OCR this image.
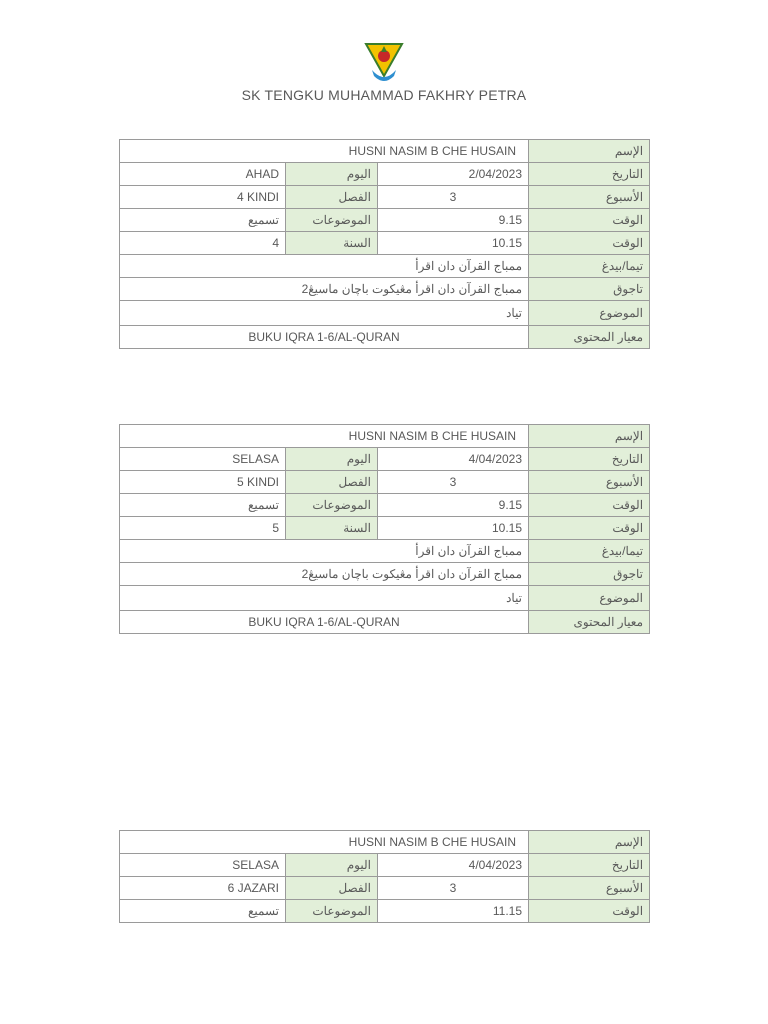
SK TENGKU MUHAMMAD FAKHRY PETRA
HUSNI NASIM B CHE HUSAIN			الإسم
AHAD	اليوم	2/04/2023	التاريخ
4 KINDI	الفصل	3	الأسبوع
تسميع	الموضوعات	9.15	الوقت
4	السنة	10.15	الوقت
ممباج القرآن دان اقرأ			تيما/بيدغ
ممباج القرآن دان اقرأ مڠيكوت باچان ماسيڠ2			تاجوق
تياد			الموضوع
BUKU IQRA 1-6/AL-QURAN			معيار المحتوى
HUSNI NASIM B CHE HUSAIN			الإسم
SELASA	اليوم	4/04/2023	التاريخ
5 KINDI	الفصل	3	الأسبوع
تسميع	الموضوعات	9.15	الوقت
5	السنة	10.15	الوقت
ممباج القرآن دان اقرأ			تيما/بيدغ
ممباج القرآن دان اقرأ مڠيكوت باچان ماسيڠ2			تاجوق
تياد			الموضوع
BUKU IQRA 1-6/AL-QURAN			معيار المحتوى
HUSNI NASIM B CHE HUSAIN			الإسم
SELASA	اليوم	4/04/2023	التاريخ
6 JAZARI	الفصل	3	الأسبوع
تسميع	الموضوعات	11.15	الوقت
